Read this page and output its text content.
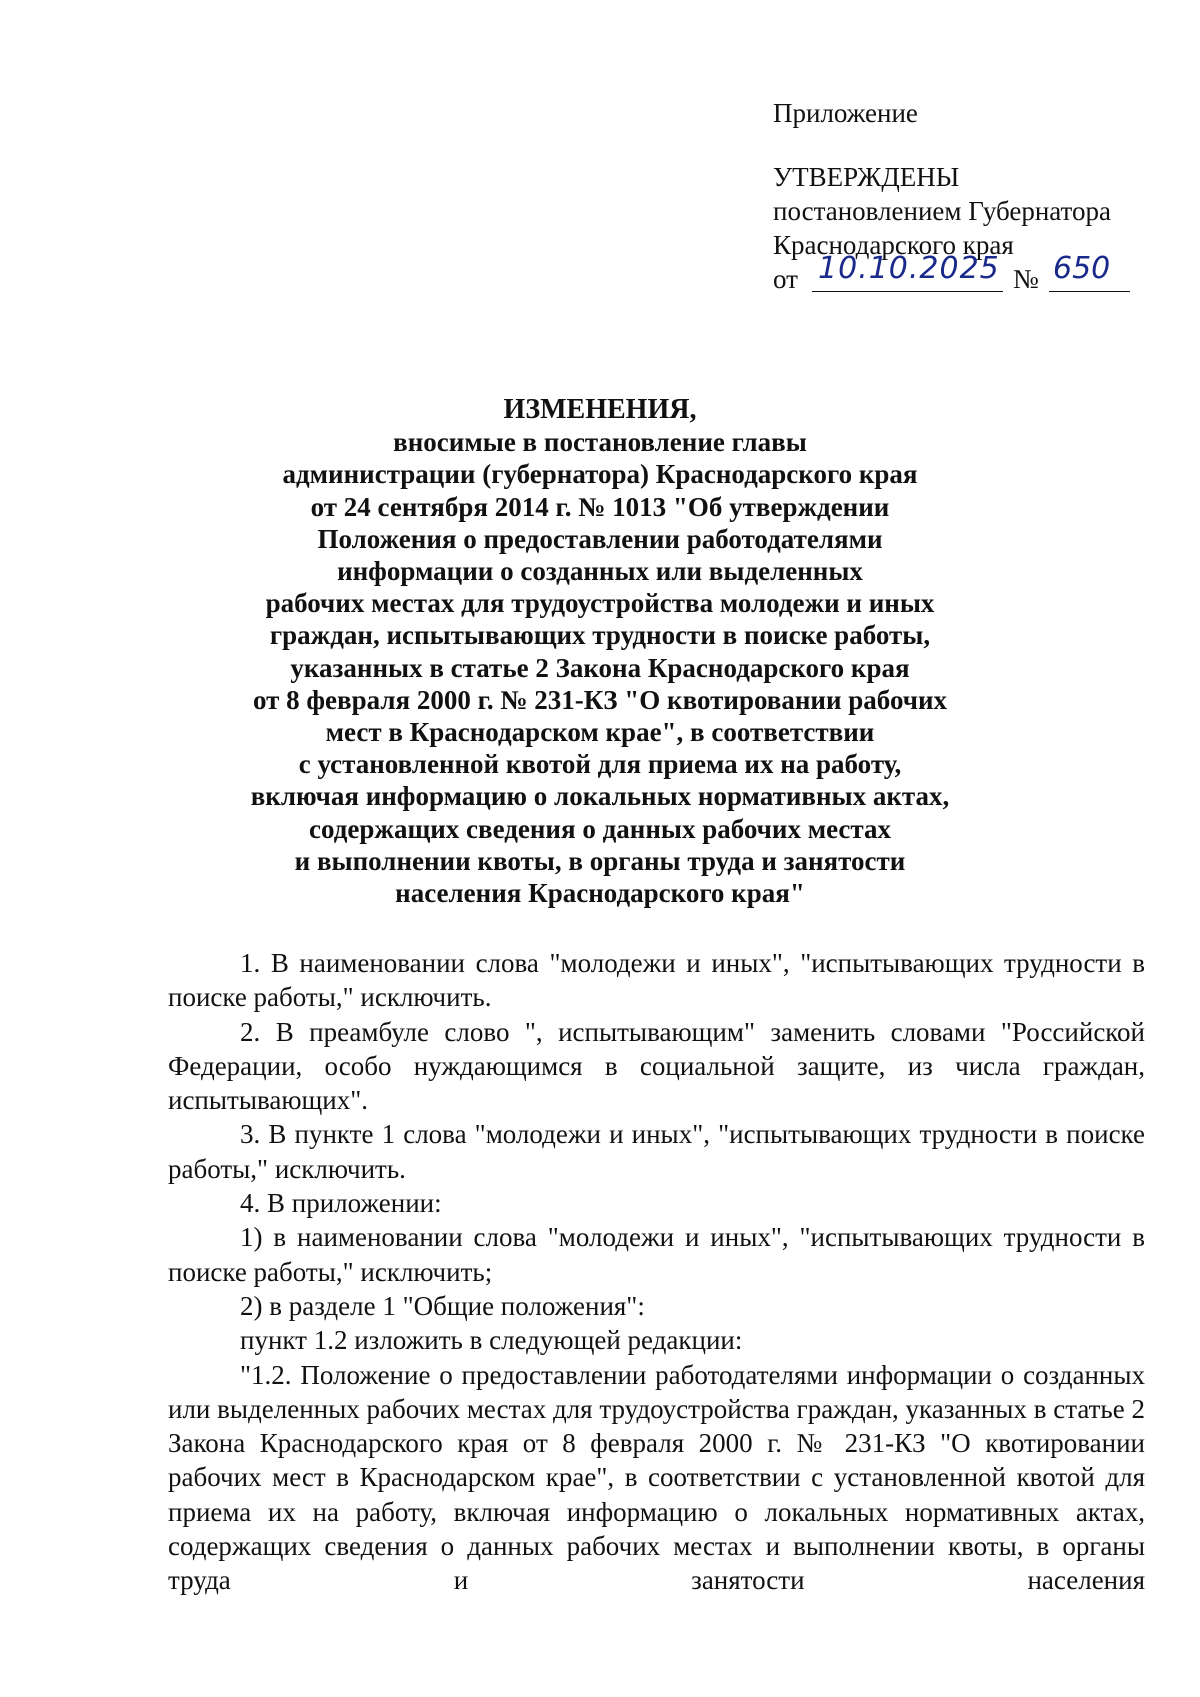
Приложение
УТВЕРЖДЕНЫ
постановлением Губернатора
Краснодарского края
от 10.10.2025 № 650
ИЗМЕНЕНИЯ,
вносимые в постановление главы
администрации (губернатора) Краснодарского края
от 24 сентября 2014 г. № 1013 "Об утверждении
Положения о предоставлении работодателями
информации о созданных или выделенных
рабочих местах для трудоустройства молодежи и иных
граждан, испытывающих трудности в поиске работы,
указанных в статье 2 Закона Краснодарского края
от 8 февраля 2000 г. № 231-КЗ "О квотировании рабочих
мест в Краснодарском крае", в соответствии
с установленной квотой для приема их на работу,
включая информацию о локальных нормативных актах,
содержащих сведения о данных рабочих местах
и выполнении квоты, в органы труда и занятости
населения Краснодарского края"

1. В наименовании слова "молодежи и иных", "испытывающих трудности в поиске работы," исключить.

2. В преамбуле слово ", испытывающим" заменить словами "Российской Федерации, особо нуждающимся в социальной защите, из числа граждан, испытывающих".

3. В пункте 1 слова "молодежи и иных", "испытывающих трудности в поиске работы," исключить.

4. В приложении:

1) в наименовании слова "молодежи и иных", "испытывающих трудности в поиске работы," исключить;

2) в разделе 1 "Общие положения":

пункт 1.2 изложить в следующей редакции:

"1.2. Положение о предоставлении работодателями информации о созданных или выделенных рабочих местах для трудоустройства граждан, указанных в статье 2 Закона Краснодарского края от 8 февраля 2000 г. № 231-КЗ "О квотировании рабочих мест в Краснодарском крае", в соответствии с установленной квотой для приема их на работу, включая информацию о локальных нормативных актах, содержащих сведения о данных рабочих местах и выполнении квоты, в органы труда и занятости населения
